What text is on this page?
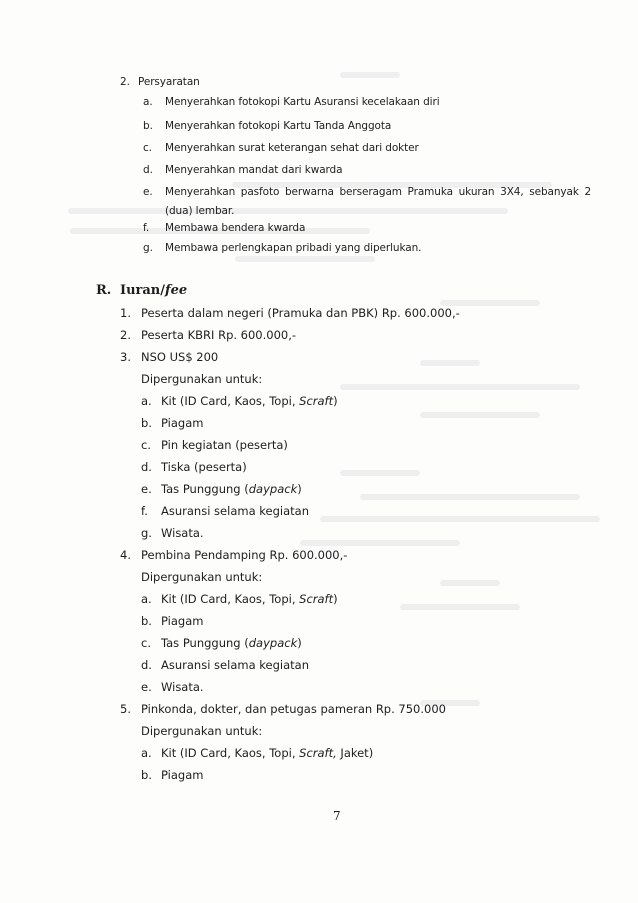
2. Persyaratan
a. Menyerahkan fotokopi Kartu Asuransi kecelakaan diri
b. Menyerahkan fotokopi Kartu Tanda Anggota
c. Menyerahkan surat keterangan sehat dari dokter
d. Menyerahkan mandat dari kwarda
e. Menyerahkan pasfoto berwarna berseragam Pramuka ukuran 3X4, sebanyak 2
(dua) lembar.
f. Membawa bendera kwarda
g. Membawa perlengkapan pribadi yang diperlukan.
R. Iuran/fee
1. Peserta dalam negeri (Pramuka dan PBK) Rp. 600.000,-
2. Peserta KBRI Rp. 600.000,-
3. NSO US$ 200
Dipergunakan untuk:
a. Kit (ID Card, Kaos, Topi, Scraft)
b. Piagam
c. Pin kegiatan (peserta)
d. Tiska (peserta)
e. Tas Punggung (daypack)
f. Asuransi selama kegiatan
g. Wisata.
4. Pembina Pendamping Rp. 600.000,-
Dipergunakan untuk:
a. Kit (ID Card, Kaos, Topi, Scraft)
b. Piagam
c. Tas Punggung (daypack)
d. Asuransi selama kegiatan
e. Wisata.
5. Pinkonda, dokter, dan petugas pameran Rp. 750.000
Dipergunakan untuk:
a. Kit (ID Card, Kaos, Topi, Scraft, Jaket)
b. Piagam
7
